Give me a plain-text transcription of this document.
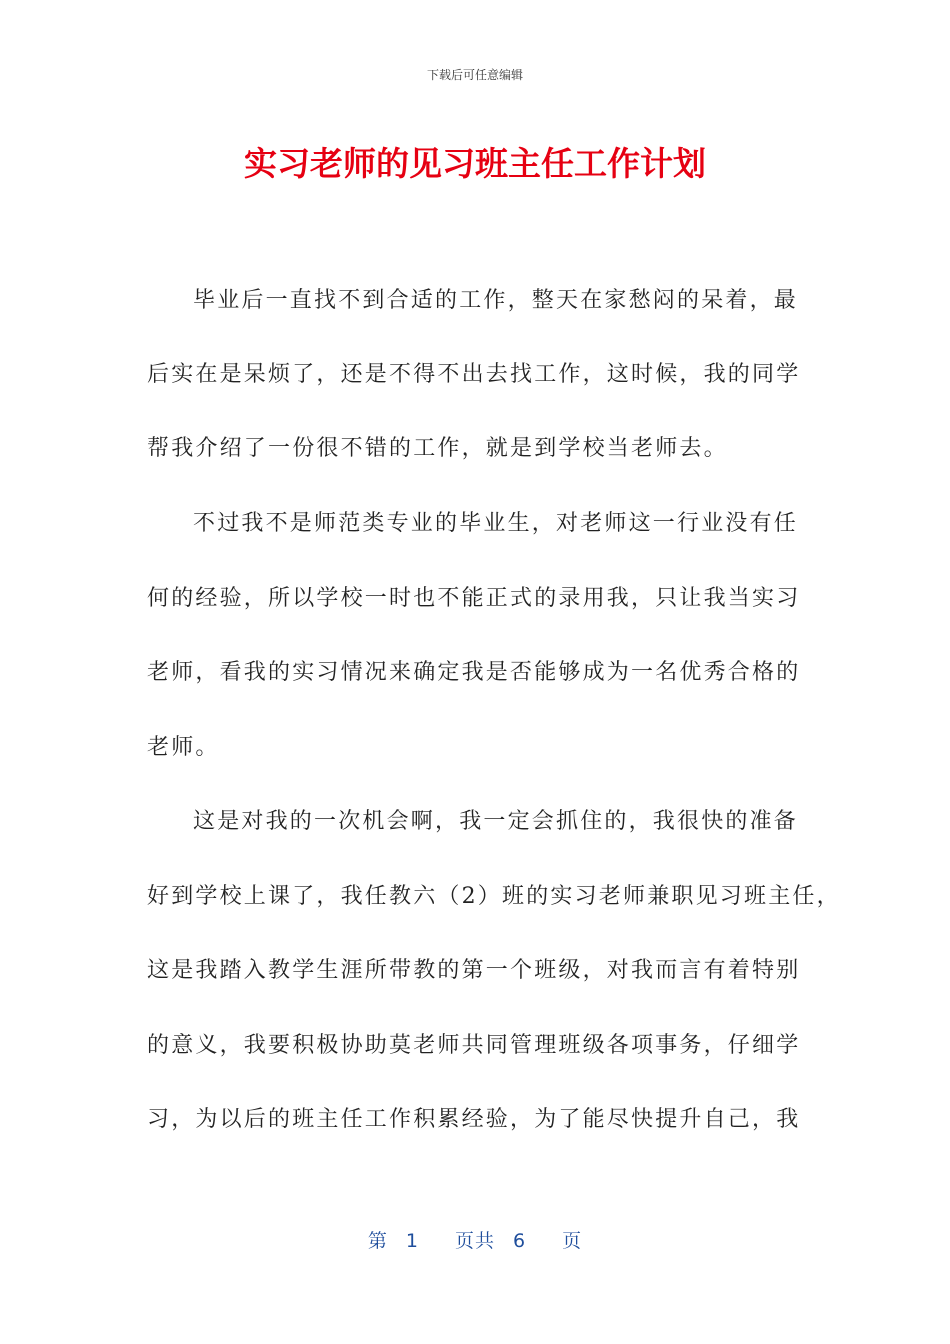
下载后可任意编辑
实习老师的见习班主任工作计划
毕业后一直找不到合适的工作，整天在家愁闷的呆着，最
后实在是呆烦了，还是不得不出去找工作，这时候，我的同学
帮我介绍了一份很不错的工作，就是到学校当老师去。
不过我不是师范类专业的毕业生，对老师这一行业没有任
何的经验，所以学校一时也不能正式的录用我，只让我当实习
老师，看我的实习情况来确定我是否能够成为一名优秀合格的
老师。
这是对我的一次机会啊，我一定会抓住的，我很快的准备
好到学校上课了，我任教六（2）班的实习老师兼职见习班主任，
这是我踏入教学生涯所带教的第一个班级，对我而言有着特别
的意义，我要积极协助莫老师共同管理班级各项事务，仔细学
习，为以后的班主任工作积累经验，为了能尽快提升自己，我
第 1 页共 6 页
